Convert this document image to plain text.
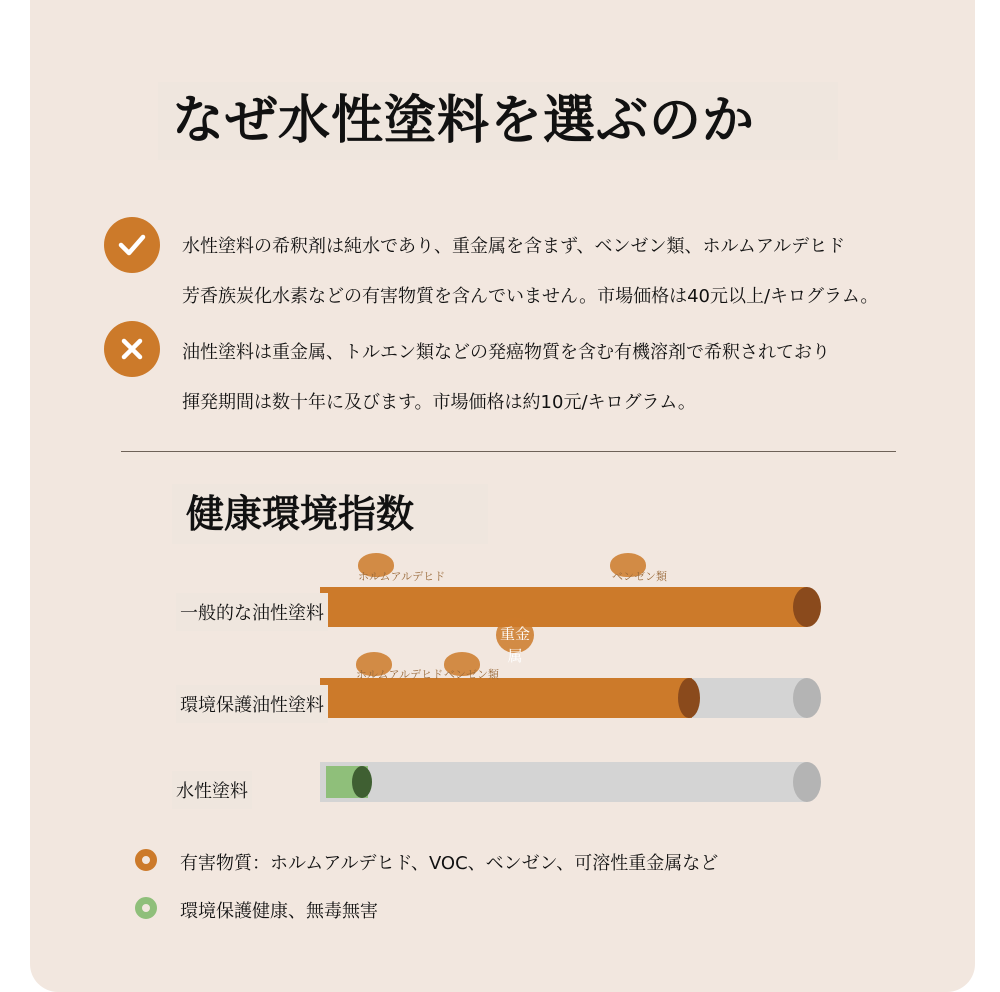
なぜ水性塗料を選ぶのか
水性塗料の希釈剤は純水であり、重金属を含まず、ベンゼン類、ホルムアルデヒド
芳香族炭化水素などの有害物質を含んでいません。市場価格は40元以上/キログラム。
油性塗料は重金属、トルエン類などの発癌物質を含む有機溶剤で希釈されており
揮発期間は数十年に及びます。市場価格は約10元/キログラム。
健康環境指数
一般的な油性塗料
ホルムアルデヒド	ベンゼン類
重金属
環境保護油性塗料
ホルムアルデヒド ベンゼン類
水性塗料
有害物質：ホルムアルデヒド、VOC、ベンゼン、可溶性重金属など
環境保護健康、無毒無害
